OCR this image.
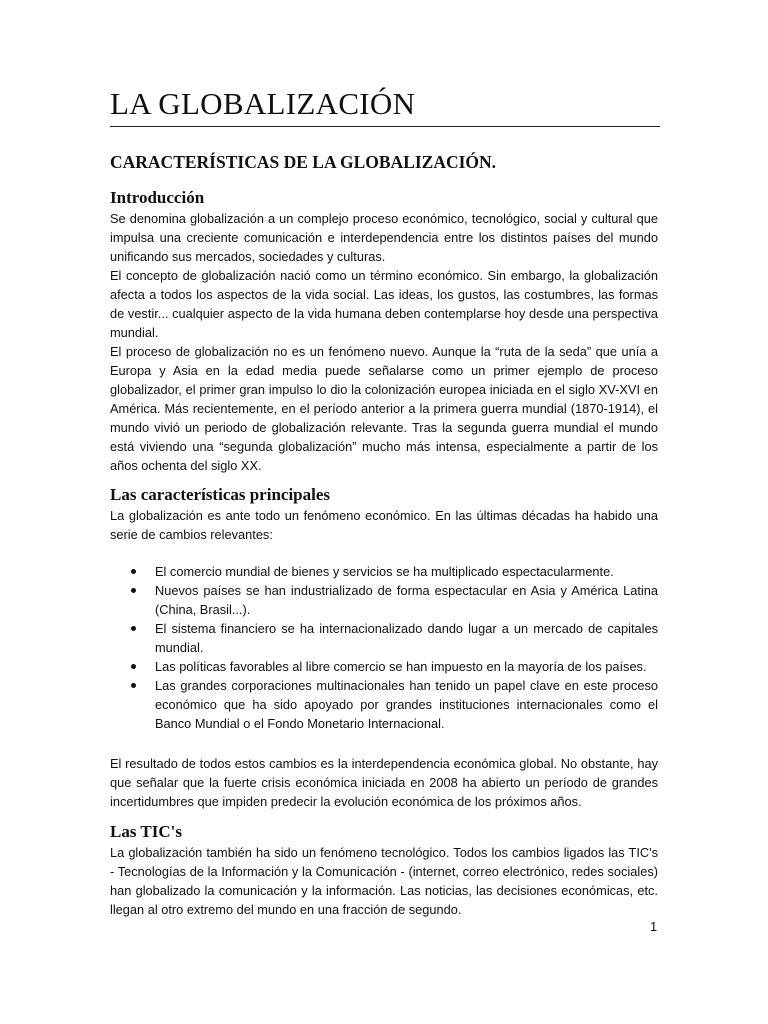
LA GLOBALIZACIÓN
CARACTERÍSTICAS DE LA GLOBALIZACIÓN.
Introducción

Se denomina globalización a un complejo proceso económico, tecnológico, social y cultural que impulsa una creciente comunicación e interdependencia entre los distintos países del mundo unificando sus mercados, sociedades y culturas.

El concepto de globalización nació como un término económico. Sin embargo, la globalización afecta a todos los aspectos de la vida social. Las ideas, los gustos, las costumbres, las formas de vestir... cualquier aspecto de la vida humana deben contemplarse hoy desde una perspectiva mundial.

El proceso de globalización no es un fenómeno nuevo. Aunque la “ruta de la seda” que unía a Europa y Asia en la edad media puede señalarse como un primer ejemplo de proceso globalizador, el primer gran impulso lo dio la colonización europea iniciada en el siglo XV-XVI en América. Más recientemente, en el período anterior a la primera guerra mundial (1870-1914), el mundo vivió un periodo de globalización relevante. Tras la segunda guerra mundial el mundo está viviendo una “segunda globalización” mucho más intensa, especialmente a partir de los años ochenta del siglo XX.

Las características principales
La globalización es ante todo un fenómeno económico. En las últimas décadas ha habido una serie de cambios relevantes:
El comercio mundial de bienes y servicios se ha multiplicado espectacularmente.
Nuevos países se han industrializado de forma espectacular en Asia y América Latina (China, Brasil...).
El sistema financiero se ha internacionalizado dando lugar a un mercado de capitales mundial.
Las políticas favorables al libre comercio se han impuesto en la mayoría de los países.
Las grandes corporaciones multinacionales han tenido un papel clave en este proceso económico que ha sido apoyado por grandes instituciones internacionales como el Banco Mundial o el Fondo Monetario Internacional.
El resultado de todos estos cambios es la interdependencia económica global. No obstante, hay que señalar que la fuerte crisis económica iniciada en 2008 ha abierto un período de grandes incertidumbres que impiden predecir la evolución económica de los próximos años.
Las TIC's
La globalización también ha sido un fenómeno tecnológico. Todos los cambios ligados las TIC's - Tecnologías de la Información y la Comunicación - (internet, correo electrónico, redes sociales) han globalizado la comunicación y la información. Las noticias, las decisiones económicas, etc. llegan al otro extremo del mundo en una fracción de segundo.
1
